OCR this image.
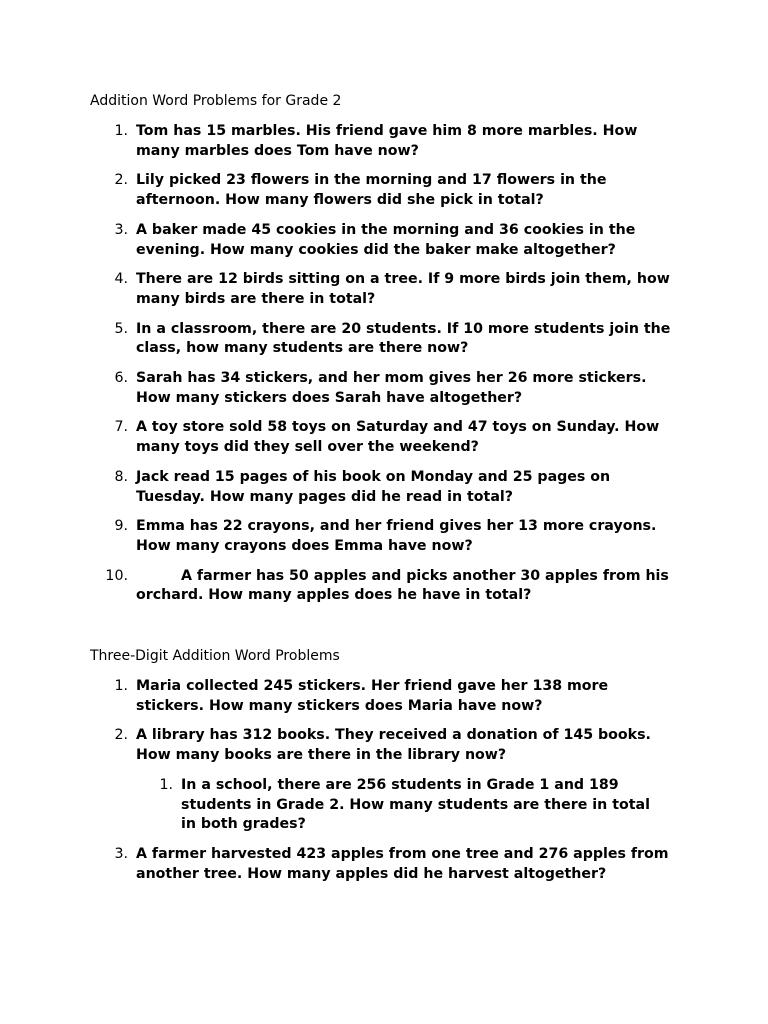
Addition Word Problems for Grade 2

1. Tom has 15 marbles. His friend gave him 8 more marbles. How many marbles does Tom have now?
2. Lily picked 23 flowers in the morning and 17 flowers in the afternoon. How many flowers did she pick in total?
3. A baker made 45 cookies in the morning and 36 cookies in the evening. How many cookies did the baker make altogether?
4. There are 12 birds sitting on a tree. If 9 more birds join them, how many birds are there in total?
5. In a classroom, there are 20 students. If 10 more students join the class, how many students are there now?
6. Sarah has 34 stickers, and her mom gives her 26 more stickers. How many stickers does Sarah have altogether?
7. A toy store sold 58 toys on Saturday and 47 toys on Sunday. How many toys did they sell over the weekend?
8. Jack read 15 pages of his book on Monday and 25 pages on Tuesday. How many pages did he read in total?
9. Emma has 22 crayons, and her friend gives her 13 more crayons. How many crayons does Emma have now?
10.	A farmer has 50 apples and picks another 30 apples from his orchard. How many apples does he have in total?

Three-Digit Addition Word Problems

1. Maria collected 245 stickers. Her friend gave her 138 more stickers. How many stickers does Maria have now?
2. A library has 312 books. They received a donation of 145 books. How many books are there in the library now?
1. In a school, there are 256 students in Grade 1 and 189 students in Grade 2. How many students are there in total in both grades?
3. A farmer harvested 423 apples from one tree and 276 apples from another tree. How many apples did he harvest altogether?
